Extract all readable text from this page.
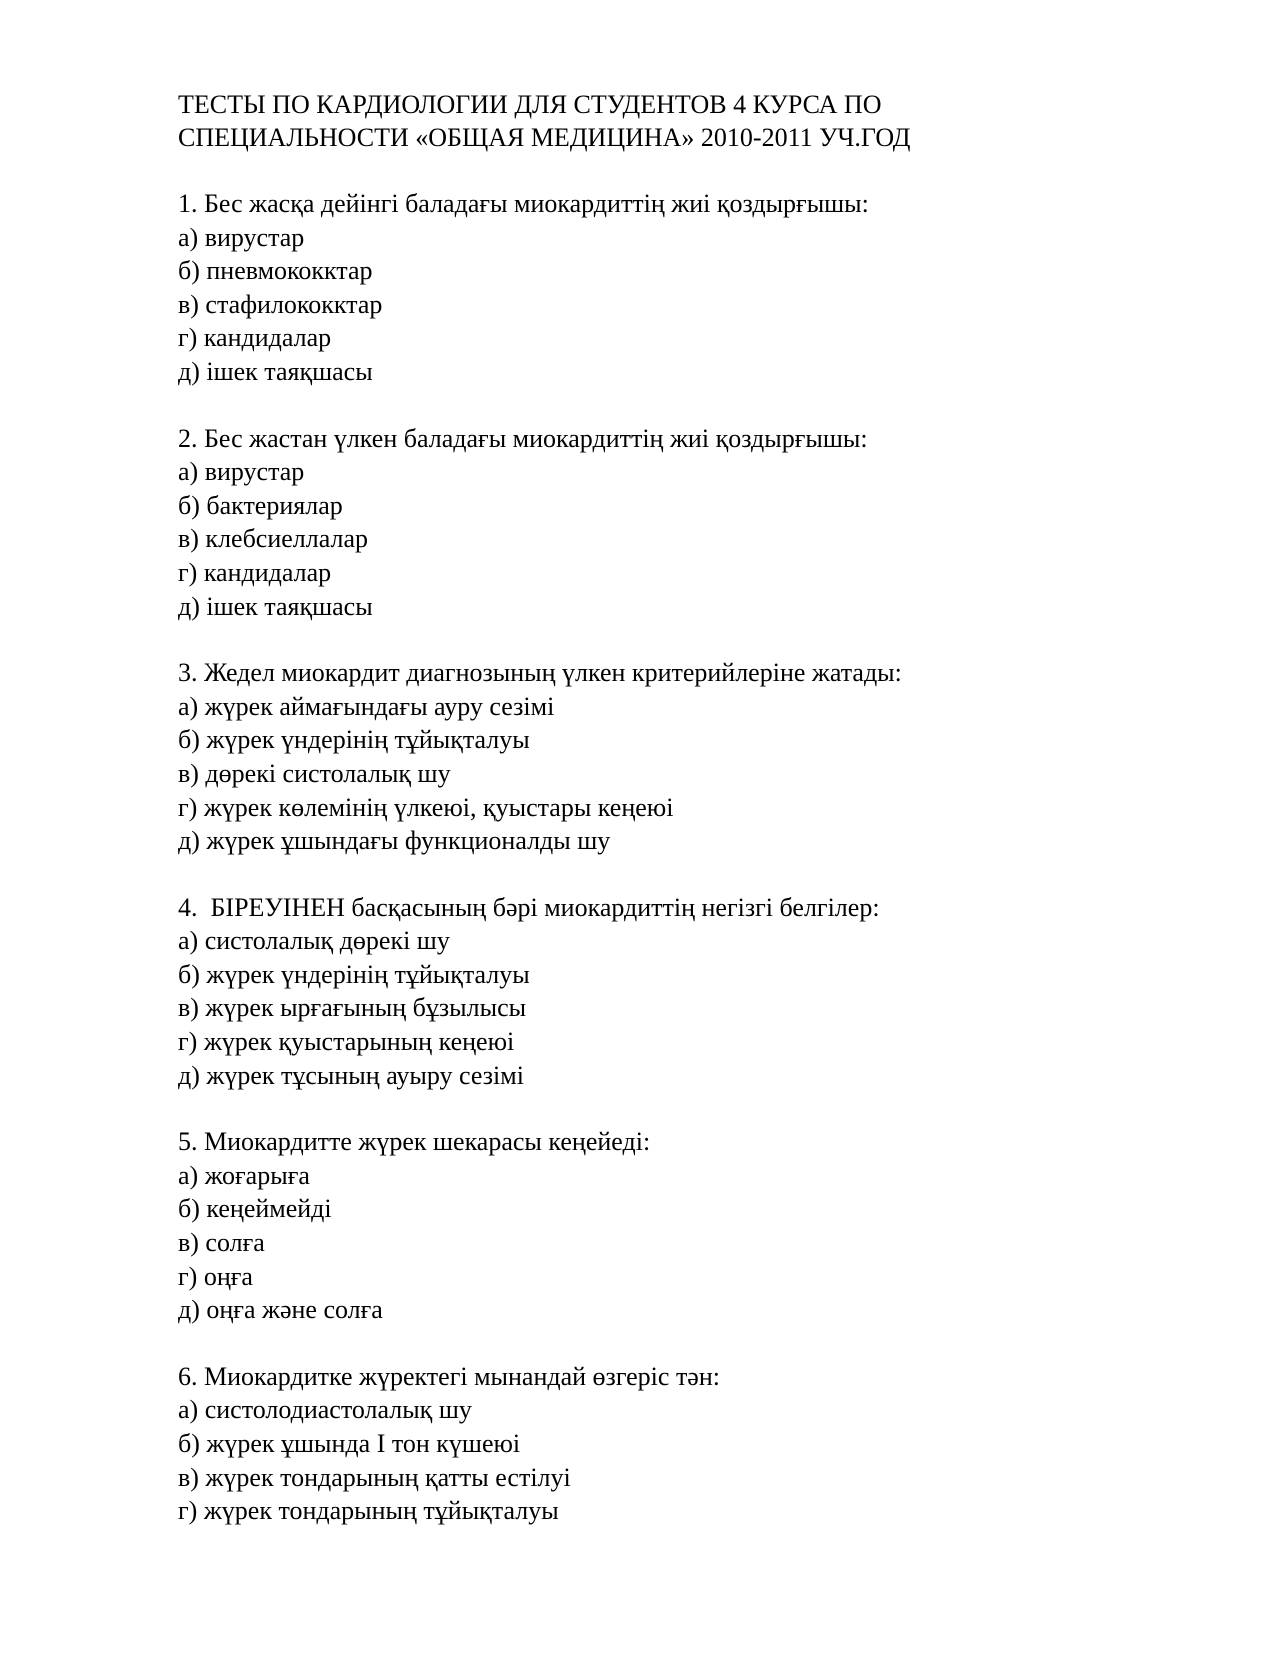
ТЕСТЫ ПО КАРДИОЛОГИИ ДЛЯ СТУДЕНТОВ 4 КУРСА ПО
СПЕЦИАЛЬНОСТИ «ОБЩАЯ МЕДИЦИНА» 2010-2011 УЧ.ГОД
1. Бес жасқа дейінгі баладағы миокардиттің жиі қоздырғышы:
а) вирустар
б) пневмококктар
в) стафилококктар
г) кандидалар
д) ішек таяқшасы
2. Бес жастан үлкен баладағы миокардиттің жиі қоздырғышы:
а) вирустар
б) бактериялар
в) клебсиеллалар
г) кандидалар
д) ішек таяқшасы
3. Жедел миокардит диагнозының үлкен критерийлеріне жатады:
а) жүрек аймағындағы ауру сезімі
б) жүрек үндерінің тұйықталуы
в) дөрекі систолалық шу
г) жүрек көлемінің үлкеюі, қуыстары кеңеюі
д) жүрек ұшындағы функционалды шу
4.  БІРЕУІНЕН басқасының бәрі миокардиттің негізгі белгілер:
а) систолалық дөрекі шу
б) жүрек үндерінің тұйықталуы
в) жүрек ырғағының бұзылысы
г) жүрек қуыстарының кеңеюі
д) жүрек тұсының ауыру сезімі
5. Миокардитте жүрек шекарасы кеңейеді:
а) жоғарыға
б) кеңеймейді
в) солға
г) оңға
д) оңға және солға
6. Миокардитке жүректегі мынандай өзгеріс тән:
а) систолодиастолалық шу
б) жүрек ұшында I тон күшеюі
в) жүрек тондарының қатты естілуі
г) жүрек тондарының тұйықталуы
